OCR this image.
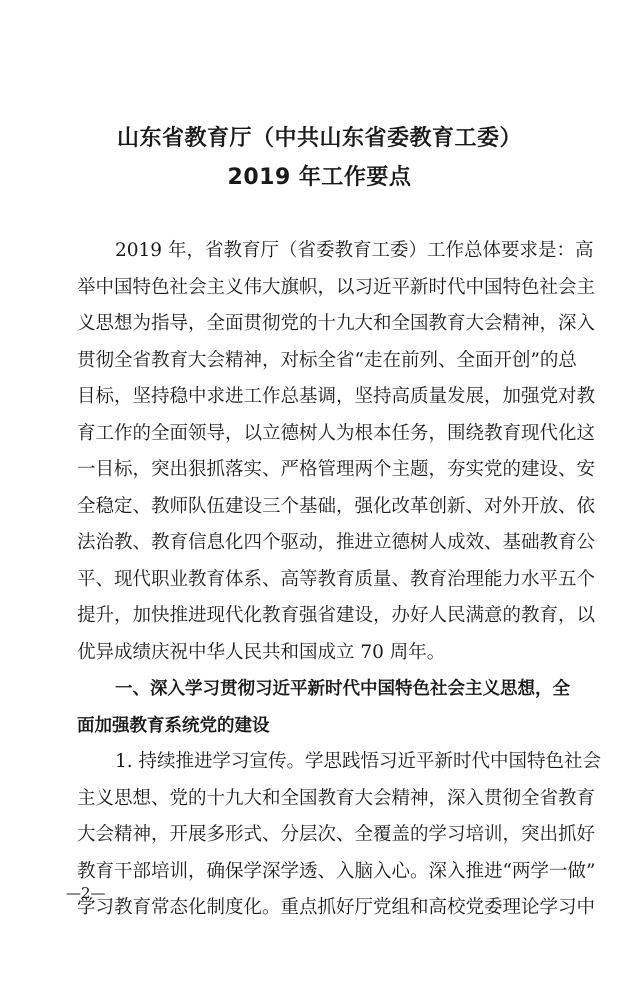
山东省教育厅（中共山东省委教育工委）
2019 年工作要点
2019 年，省教育厅（省委教育工委）工作总体要求是：高
举中国特色社会主义伟大旗帜，以习近平新时代中国特色社会主
义思想为指导，全面贯彻党的十九大和全国教育大会精神，深入
贯彻全省教育大会精神，对标全省“走在前列、全面开创”的总
目标，坚持稳中求进工作总基调，坚持高质量发展，加强党对教
育工作的全面领导，以立德树人为根本任务，围绕教育现代化这
一目标，突出狠抓落实、严格管理两个主题，夯实党的建设、安
全稳定、教师队伍建设三个基础，强化改革创新、对外开放、依
法治教、教育信息化四个驱动，推进立德树人成效、基础教育公
平、现代职业教育体系、高等教育质量、教育治理能力水平五个
提升，加快推进现代化教育强省建设，办好人民满意的教育，以
优异成绩庆祝中华人民共和国成立 70 周年。
一、深入学习贯彻习近平新时代中国特色社会主义思想，全
面加强教育系统党的建设
1. 持续推进学习宣传。学思践悟习近平新时代中国特色社会
主义思想、党的十九大和全国教育大会精神，深入贯彻全省教育
大会精神，开展多形式、分层次、全覆盖的学习培训，突出抓好
教育干部培训，确保学深学透、入脑入心。深入推进“两学一做”
学习教育常态化制度化。重点抓好厅党组和高校党委理论学习中
—2—
